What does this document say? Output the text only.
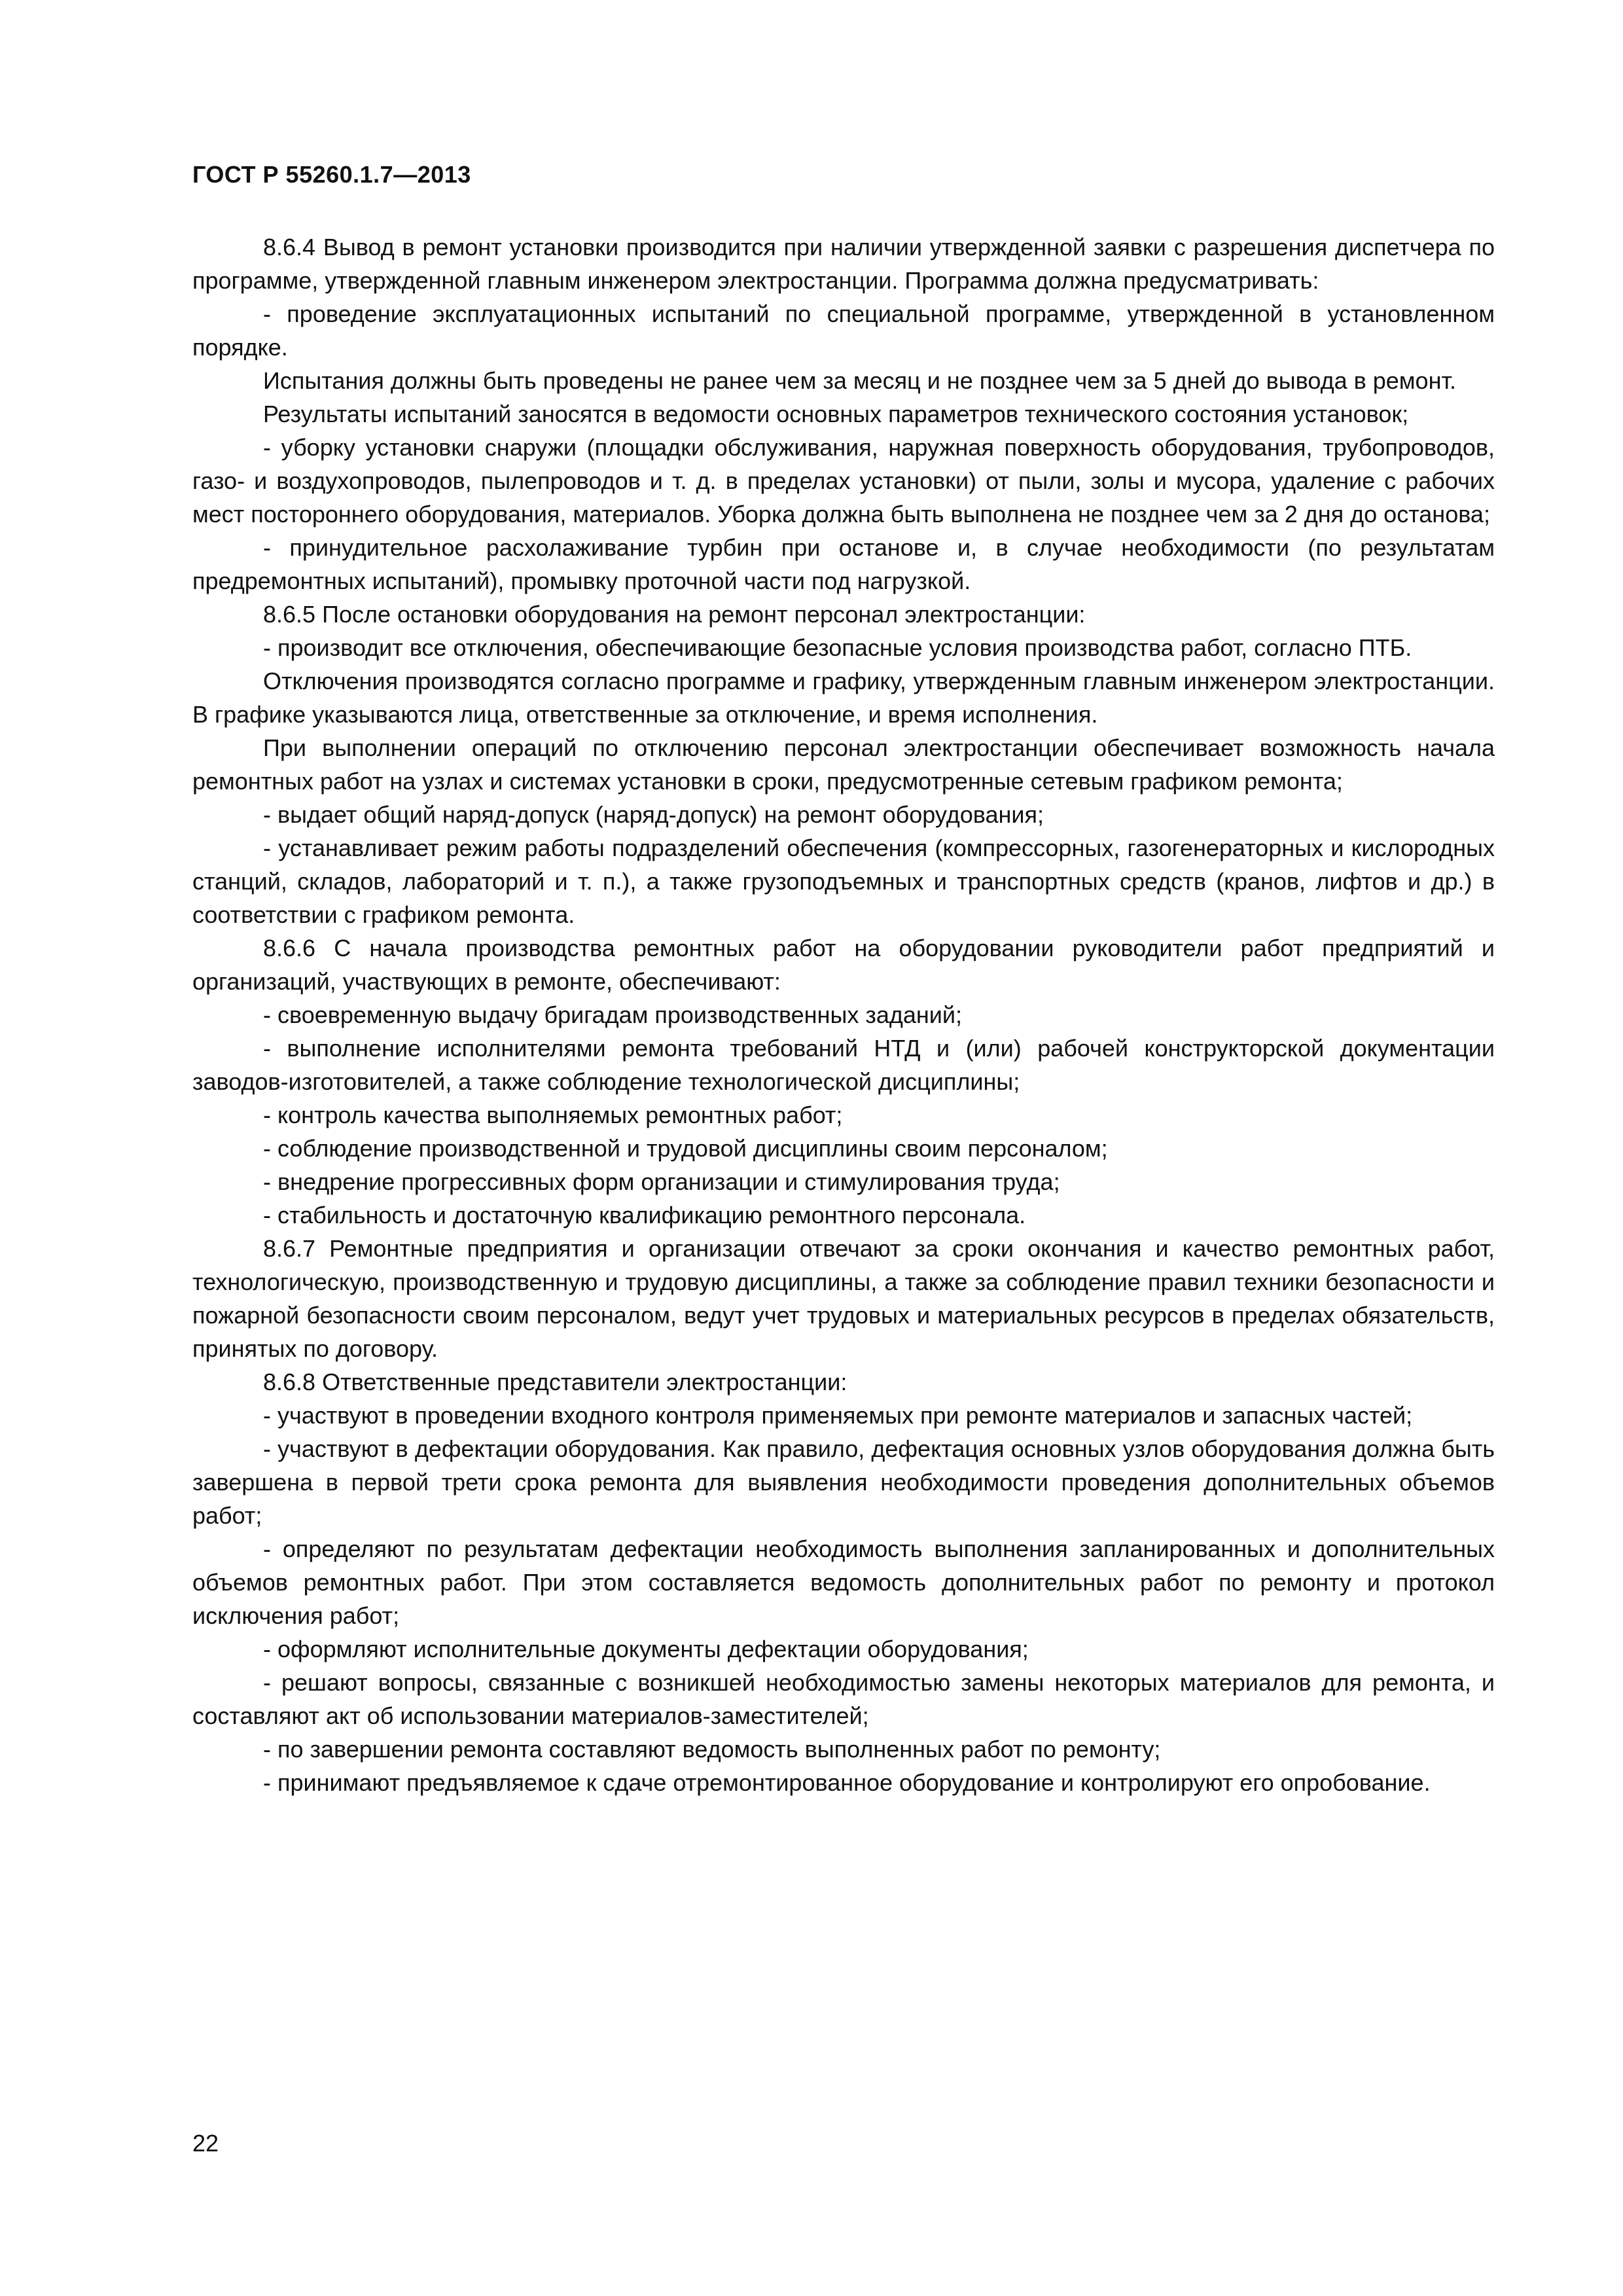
ГОСТ Р 55260.1.7—2013

8.6.4 Вывод в ремонт установки производится при наличии утвержденной заявки с разрешения диспетчера по программе, утвержденной главным инженером электростанции. Программа должна предусматривать:

- проведение эксплуатационных испытаний по специальной программе, утвержденной в установленном порядке.

Испытания должны быть проведены не ранее чем за месяц и не позднее чем за 5 дней до вывода в ремонт.

Результаты испытаний заносятся в ведомости основных параметров технического состояния установок;

- уборку установки снаружи (площадки обслуживания, наружная поверхность оборудования, трубопроводов, газо- и воздухопроводов, пылепроводов и т. д. в пределах установки) от пыли, золы и мусора, удаление с рабочих мест постороннего оборудования, материалов. Уборка должна быть выполнена не позднее чем за 2 дня до останова;

- принудительное расхолаживание турбин при останове и, в случае необходимости (по результатам предремонтных испытаний), промывку проточной части под нагрузкой.

8.6.5 После остановки оборудования на ремонт персонал электростанции:

- производит все отключения, обеспечивающие безопасные условия производства работ, согласно ПТБ.

Отключения производятся согласно программе и графику, утвержденным главным инженером электростанции. В графике указываются лица, ответственные за отключение, и время исполнения.

При выполнении операций по отключению персонал электростанции обеспечивает возможность начала ремонтных работ на узлах и системах установки в сроки, предусмотренные сетевым графиком ремонта;

- выдает общий наряд-допуск (наряд-допуск) на ремонт оборудования;

- устанавливает режим работы подразделений обеспечения (компрессорных, газогенераторных и кислородных станций, складов, лабораторий и т. п.), а также грузоподъемных и транспортных средств (кранов, лифтов и др.) в соответствии с графиком ремонта.

8.6.6 С начала производства ремонтных работ на оборудовании руководители работ предприятий и организаций, участвующих в ремонте, обеспечивают:

- своевременную выдачу бригадам производственных заданий;

- выполнение исполнителями ремонта требований НТД и (или) рабочей конструкторской документации заводов-изготовителей, а также соблюдение технологической дисциплины;

- контроль качества выполняемых ремонтных работ;

- соблюдение производственной и трудовой дисциплины своим персоналом;

- внедрение прогрессивных форм организации и стимулирования труда;

- стабильность и достаточную квалификацию ремонтного персонала.

8.6.7 Ремонтные предприятия и организации отвечают за сроки окончания и качество ремонтных работ, технологическую, производственную и трудовую дисциплины, а также за соблюдение правил техники безопасности и пожарной безопасности своим персоналом, ведут учет трудовых и материальных ресурсов в пределах обязательств, принятых по договору.

8.6.8 Ответственные представители электростанции:

- участвуют в проведении входного контроля применяемых при ремонте материалов и запасных частей;

- участвуют в дефектации оборудования. Как правило, дефектация основных узлов оборудования должна быть завершена в первой трети срока ремонта для выявления необходимости проведения дополнительных объемов работ;

- определяют по результатам дефектации необходимость выполнения запланированных и дополнительных объемов ремонтных работ. При этом составляется ведомость дополнительных работ по ремонту и протокол исключения работ;

- оформляют исполнительные документы дефектации оборудования;

- решают вопросы, связанные с возникшей необходимостью замены некоторых материалов для ремонта, и составляют акт об использовании материалов-заместителей;

- по завершении ремонта составляют ведомость выполненных работ по ремонту;

- принимают предъявляемое к сдаче отремонтированное оборудование и контролируют его опробование.

22
